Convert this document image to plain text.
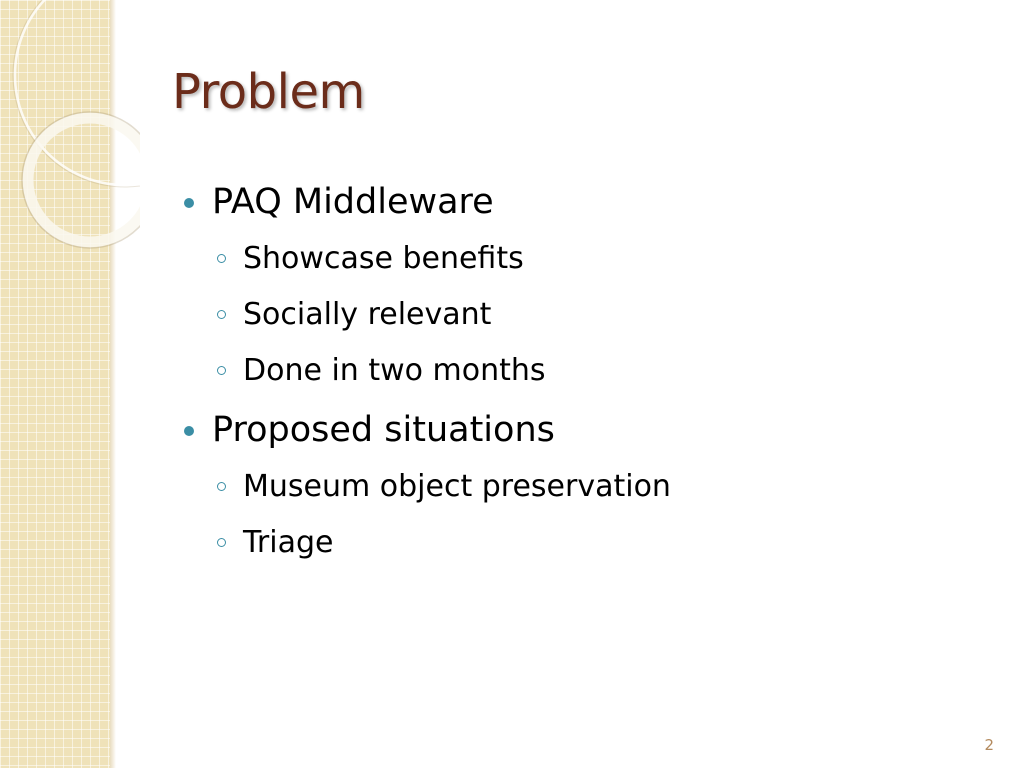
Problem
PAQ Middleware
Showcase benefits
Socially relevant
Done in two months
Proposed situations
Museum object preservation
Triage
2
